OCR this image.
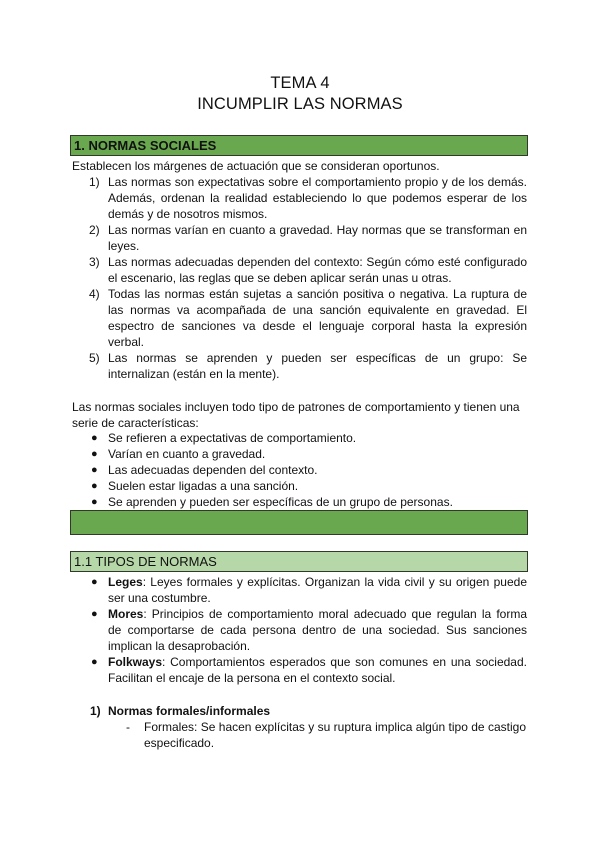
TEMA 4
INCUMPLIR LAS NORMAS
1. NORMAS SOCIALES

Establecen los márgenes de actuación que se consideran oportunos.

1) Las normas son expectativas sobre el comportamiento propio y de los demás. Además, ordenan la realidad estableciendo lo que podemos esperar de los demás y de nosotros mismos.
2) Las normas varían en cuanto a gravedad. Hay normas que se transforman en leyes.
3) Las normas adecuadas dependen del contexto: Según cómo esté configurado el escenario, las reglas que se deben aplicar serán unas u otras.
4) Todas las normas están sujetas a sanción positiva o negativa. La ruptura de las normas va acompañada de una sanción equivalente en gravedad. El espectro de sanciones va desde el lenguaje corporal hasta la expresión verbal.
5) Las normas se aprenden y pueden ser específicas de un grupo: Se internalizan (están en la mente).

Las normas sociales incluyen todo tipo de patrones de comportamiento y tienen una serie de características:

● Se refieren a expectativas de comportamiento.
● Varían en cuanto a gravedad.
● Las adecuadas dependen del contexto.
● Suelen estar ligadas a una sanción.
● Se aprenden y pueden ser específicas de un grupo de personas.
1.1 TIPOS DE NORMAS
● Leges: Leyes formales y explícitas. Organizan la vida civil y su origen puede ser una costumbre.
● Mores: Principios de comportamiento moral adecuado que regulan la forma de comportarse de cada persona dentro de una sociedad. Sus sanciones implican la desaprobación.
● Folkways: Comportamientos esperados que son comunes en una sociedad. Facilitan el encaje de la persona en el contexto social.
1) Normas formales/informales
-	Formales: Se hacen explícitas y su ruptura implica algún tipo de castigo especificado.
